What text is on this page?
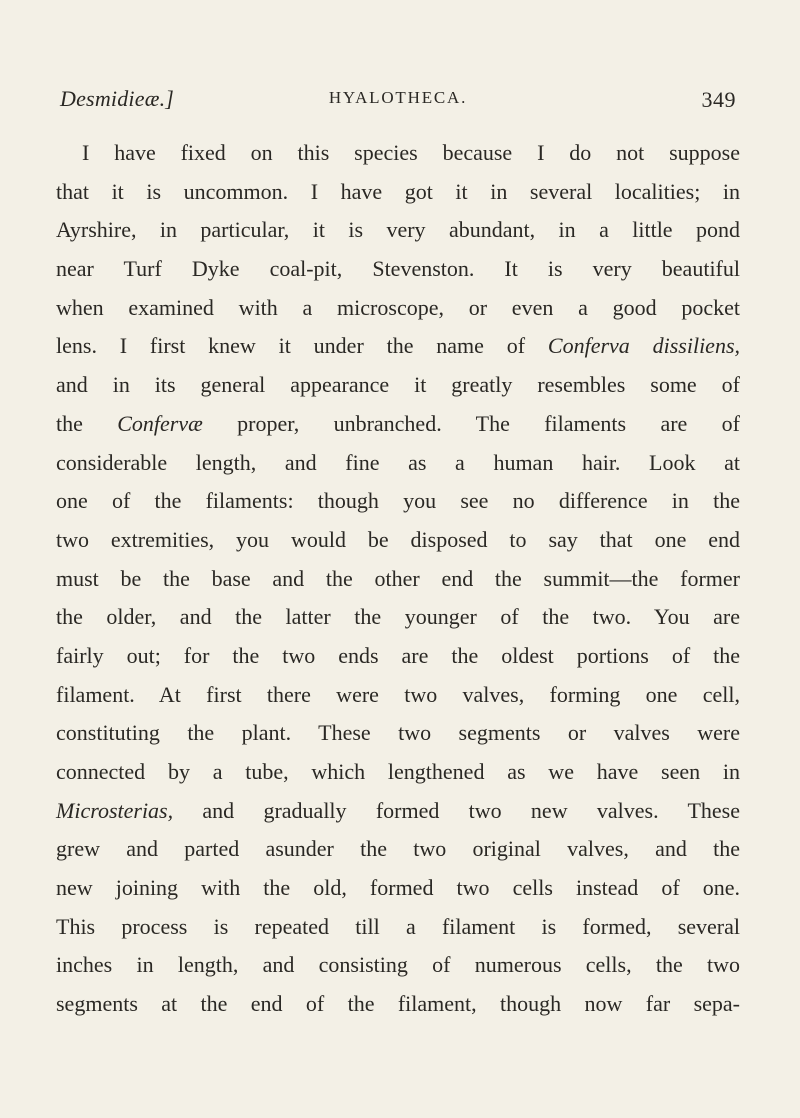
Desmidieæ.]	HYALOTHECA.	349
I have fixed on this species because I do not suppose
that it is uncommon. I have got it in several localities; in
Ayrshire, in particular, it is very abundant, in a little pond
near Turf Dyke coal-pit, Stevenston. It is very beautiful
when examined with a microscope, or even a good pocket
lens. I first knew it under the name of Conferva dissiliens,
and in its general appearance it greatly resembles some of
the Confervæ proper, unbranched. The filaments are of
considerable length, and fine as a human hair. Look at
one of the filaments: though you see no difference in the
two extremities, you would be disposed to say that one end
must be the base and the other end the summit—the former
the older, and the latter the younger of the two. You are
fairly out; for the two ends are the oldest portions of the
filament. At first there were two valves, forming one cell,
constituting the plant. These two segments or valves were
connected by a tube, which lengthened as we have seen in
Microsterias, and gradually formed two new valves. These
grew and parted asunder the two original valves, and the
new joining with the old, formed two cells instead of one.
This process is repeated till a filament is formed, several
inches in length, and consisting of numerous cells, the two
segments at the end of the filament, though now far sepa-
